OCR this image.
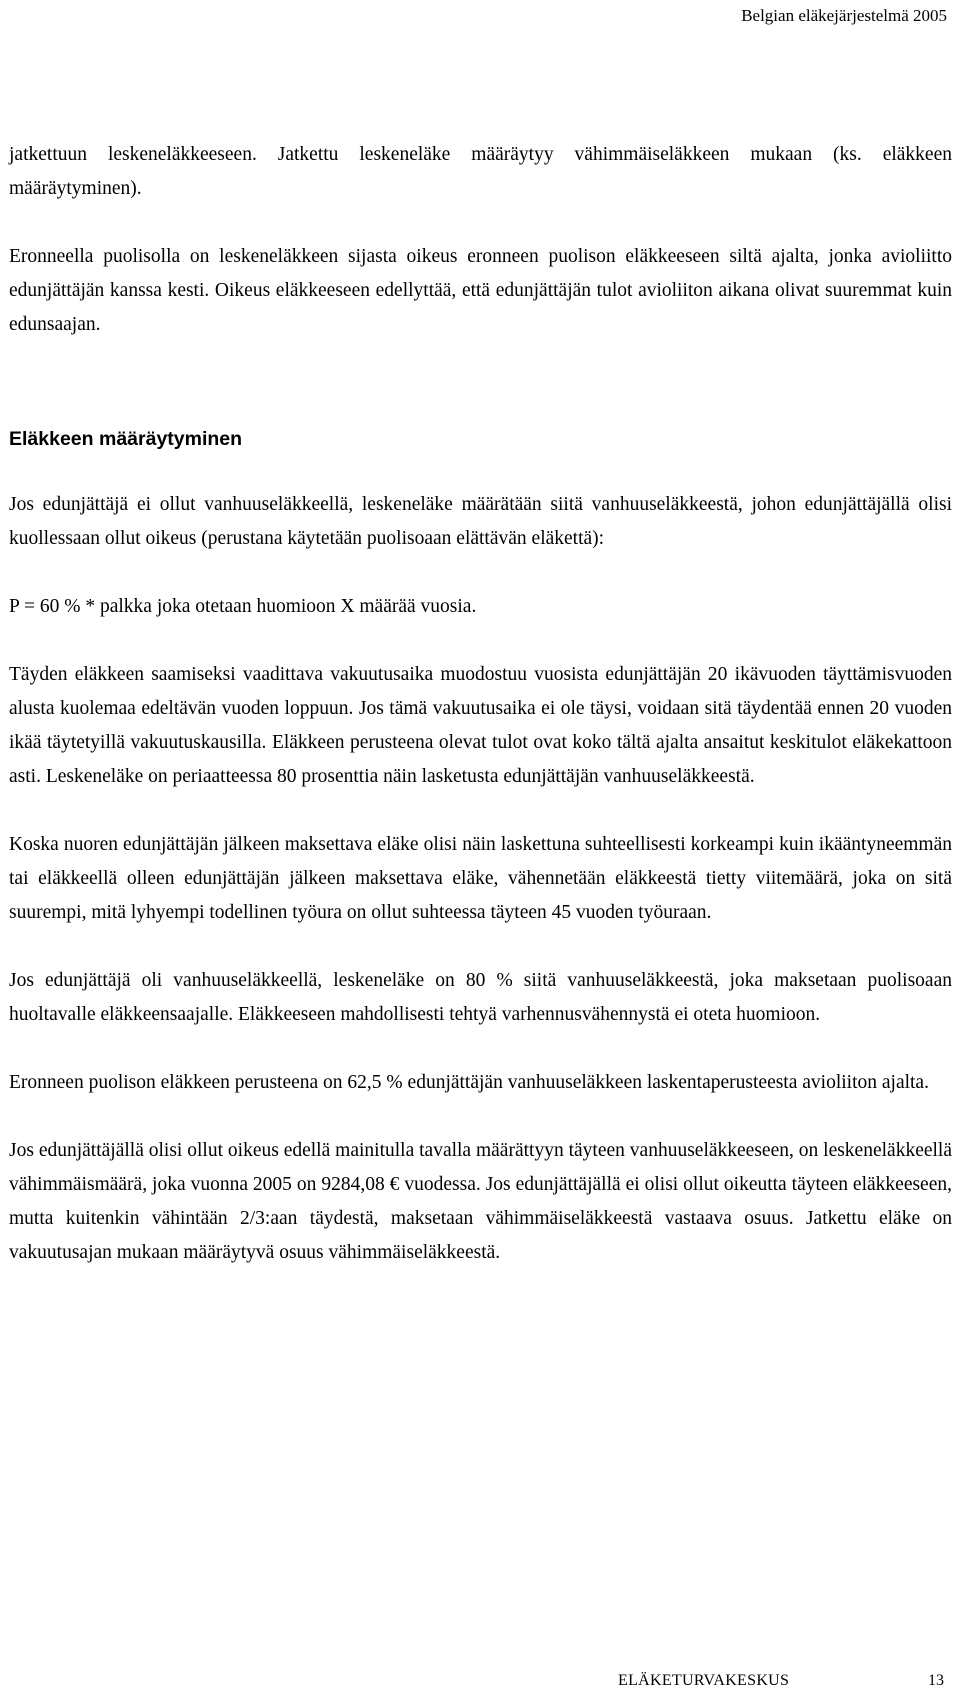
Belgian eläkejärjestelmä 2005

jatkettuun leskeneläkkeeseen. Jatkettu leskeneläke määräytyy vähimmäiseläkkeen mukaan (ks. eläkkeen määräytyminen).

Eronneella puolisolla on leskeneläkkeen sijasta oikeus eronneen puolison eläkkeeseen siltä ajalta, jonka avioliitto edunjättäjän kanssa kesti. Oikeus eläkkeeseen edellyttää, että edunjättäjän tulot avioliiton aikana olivat suuremmat kuin edunsaajan.

Eläkkeen määräytyminen

Jos edunjättäjä ei ollut vanhuuseläkkeellä, leskeneläke määrätään siitä vanhuuseläkkeestä, johon edunjättäjällä olisi kuollessaan ollut oikeus (perustana käytetään puolisoaan elättävän eläkettä):

P = 60 % * palkka joka otetaan huomioon X määrää vuosia.

Täyden eläkkeen saamiseksi vaadittava vakuutusaika muodostuu vuosista edunjättäjän 20 ikävuoden täyttämisvuoden alusta kuolemaa edeltävän vuoden loppuun. Jos tämä vakuutusaika ei ole täysi, voidaan sitä täydentää ennen 20 vuoden ikää täytetyillä vakuutuskausilla. Eläkkeen perusteena olevat tulot ovat koko tältä ajalta ansaitut keskitulot eläkekattoon asti. Leskeneläke on periaatteessa 80 prosenttia näin lasketusta edunjättäjän vanhuuseläkkeestä.

Koska nuoren edunjättäjän jälkeen maksettava eläke olisi näin laskettuna suhteellisesti korkeampi kuin ikääntyneemmän tai eläkkeellä olleen edunjättäjän jälkeen maksettava eläke, vähennetään eläkkeestä tietty viitemäärä, joka on sitä suurempi, mitä lyhyempi todellinen työura on ollut suhteessa täyteen 45 vuoden työuraan.

Jos edunjättäjä oli vanhuuseläkkeellä, leskeneläke on 80 % siitä vanhuuseläkkeestä, joka maksetaan puolisoaan huoltavalle eläkkeensaajalle. Eläkkeeseen mahdollisesti tehtyä varhennusvähennystä ei oteta huomioon.

Eronneen puolison eläkkeen perusteena on 62,5 % edunjättäjän vanhuuseläkkeen laskentaperusteesta avioliiton ajalta.

Jos edunjättäjällä olisi ollut oikeus edellä mainitulla tavalla määrättyyn täyteen vanhuuseläkkeeseen, on leskeneläkkeellä vähimmäismäärä, joka vuonna 2005 on 9284,08 € vuodessa. Jos edunjättäjällä ei olisi ollut oikeutta täyteen eläkkeeseen, mutta kuitenkin vähintään 2/3:aan täydestä, maksetaan vähimmäiseläkkeestä vastaava osuus. Jatkettu eläke on vakuutusajan mukaan määräytyvä osuus vähimmäiseläkkeestä.

ELÄKETURVAKESKUS	13
